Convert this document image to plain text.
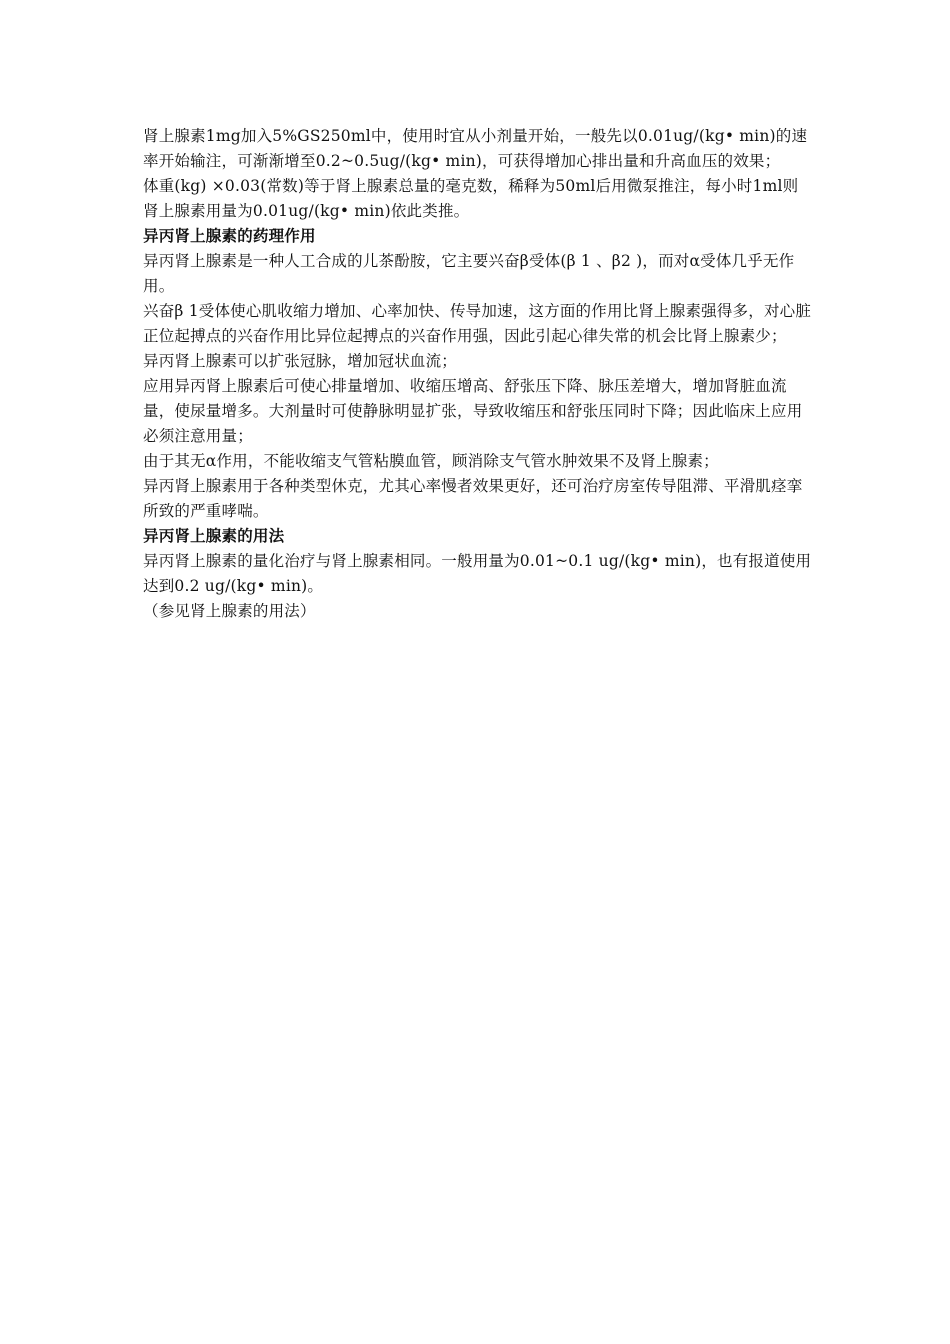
肾上腺素1mg加入5%GS250ml中，使用时宜从小剂量开始，一般先以0.01ug/(kg• min)的速率开始输注，可渐渐增至0.2~0.5ug/(kg• min)，可获得增加心排出量和升高血压的效果；

体重(kg) ×0.03(常数)等于肾上腺素总量的毫克数，稀释为50ml后用微泵推注，每小时1ml则肾上腺素用量为0.01ug/(kg• min)依此类推。

异丙肾上腺素的药理作用

异丙肾上腺素是一种人工合成的儿茶酚胺，它主要兴奋β受体(β 1 、β2 )，而对α受体几乎无作用。

兴奋β 1受体使心肌收缩力增加、心率加快、传导加速，这方面的作用比肾上腺素强得多，对心脏正位起搏点的兴奋作用比异位起搏点的兴奋作用强，因此引起心律失常的机会比肾上腺素少；

异丙肾上腺素可以扩张冠脉，增加冠状血流；

应用异丙肾上腺素后可使心排量增加、收缩压增高、舒张压下降、脉压差增大，增加肾脏血流量，使尿量增多。大剂量时可使静脉明显扩张，导致收缩压和舒张压同时下降；因此临床上应用必须注意用量；

由于其无α作用，不能收缩支气管粘膜血管，顾消除支气管水肿效果不及肾上腺素；

异丙肾上腺素用于各种类型休克，尤其心率慢者效果更好，还可治疗房室传导阻滞、平滑肌痉挛所致的严重哮喘。

异丙肾上腺素的用法

异丙肾上腺素的量化治疗与肾上腺素相同。一般用量为0.01~0.1 ug/(kg• min)，也有报道使用达到0.2 ug/(kg• min)。

（参见肾上腺素的用法）
